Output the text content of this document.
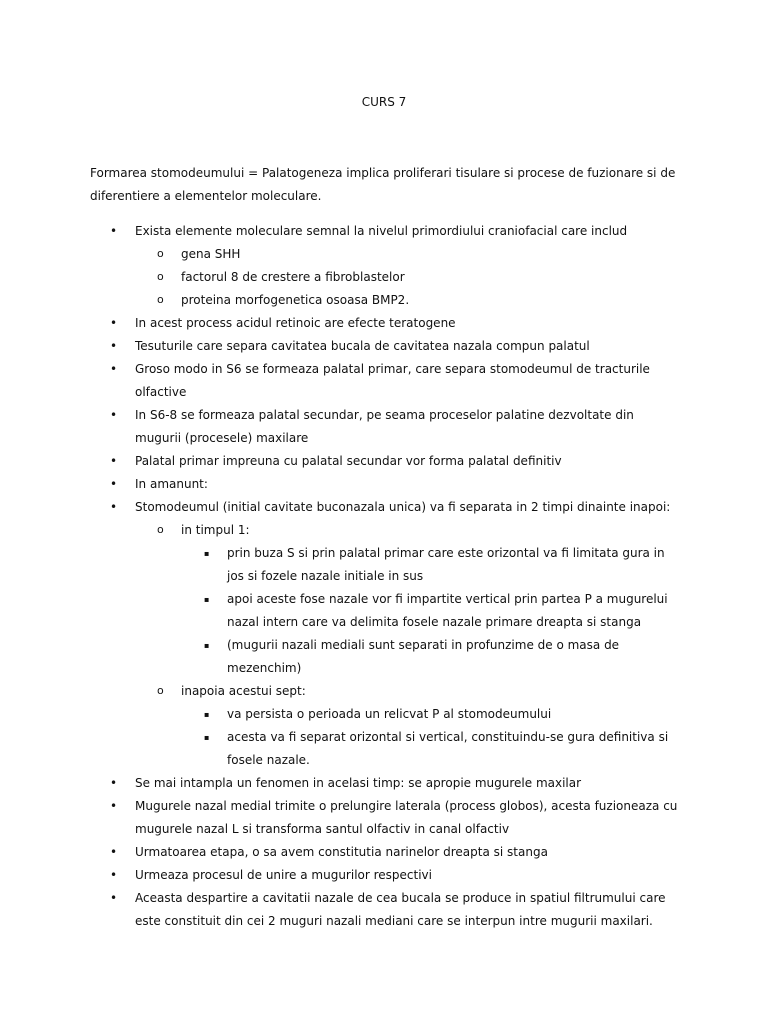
CURS 7
Formarea stomodeumului = Palatogeneza implica proliferari tisulare si procese de fuzionare si de diferentiere a elementelor moleculare.
• Exista elemente moleculare semnal la nivelul primordiului craniofacial care includ
o gena SHH
o factorul 8 de crestere a fibroblastelor
o proteina morfogenetica osoasa BMP2.
• In acest process acidul retinoic are efecte teratogene
• Tesuturile care separa cavitatea bucala de cavitatea nazala compun palatul
• Groso modo in S6 se formeaza palatal primar, care separa stomodeumul de tracturile olfactive
• In S6-8 se formeaza palatal secundar, pe seama proceselor palatine dezvoltate din mugurii (procesele) maxilare
• Palatal primar impreuna cu palatal secundar vor forma palatal definitiv
• In amanunt:
• Stomodeumul (initial cavitate buconazala unica) va fi separata in 2 timpi dinainte inapoi:
o in timpul 1:
▪ prin buza S si prin palatal primar care este orizontal va fi limitata gura in jos si fozele nazale initiale in sus
▪ apoi aceste fose nazale vor fi impartite vertical prin partea P a mugurelui nazal intern care va delimita fosele nazale primare dreapta si stanga
▪ (mugurii nazali mediali sunt separati in profunzime de o masa de mezenchim)
o inapoia acestui sept:
▪ va persista o perioada un relicvat P al stomodeumului
▪ acesta va fi separat orizontal si vertical, constituindu-se gura definitiva si fosele nazale.
• Se mai intampla un fenomen in acelasi timp: se apropie mugurele maxilar
• Mugurele nazal medial trimite o prelungire laterala (process globos), acesta fuzioneaza cu mugurele nazal L si transforma santul olfactiv in canal olfactiv
• Urmatoarea etapa, o sa avem constitutia narinelor dreapta si stanga
• Urmeaza procesul de unire a mugurilor respectivi
• Aceasta despartire a cavitatii nazale de cea bucala se produce in spatiul filtrumului care este constituit din cei 2 muguri nazali mediani care se interpun intre mugurii maxilari.
